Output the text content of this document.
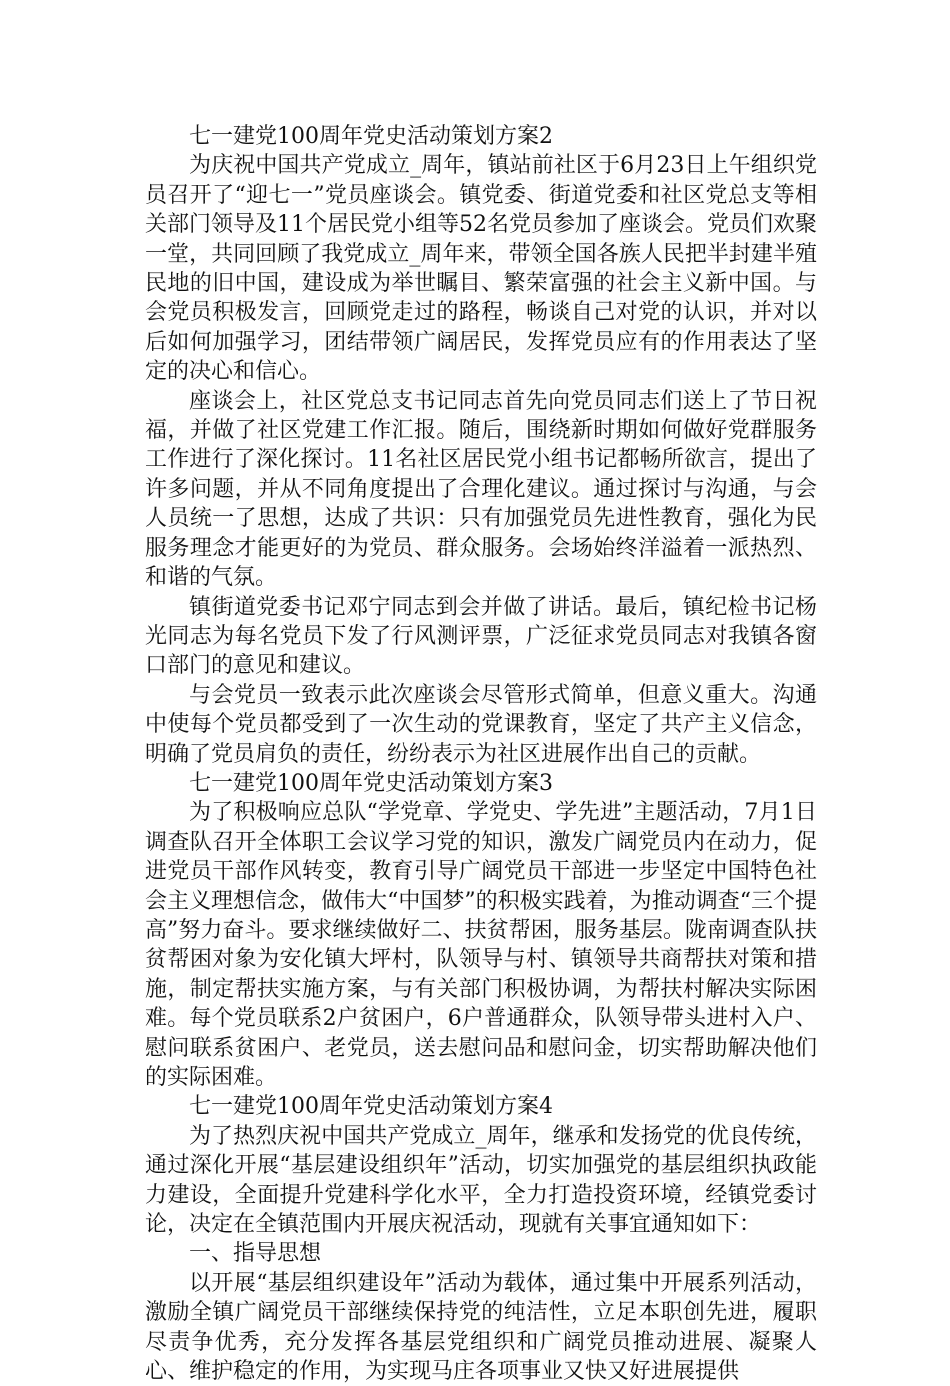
七一建党100周年党史活动策划方案2

为庆祝中国共产党成立_周年，镇站前社区于6月23日上午组织党员召开了“迎七一”党员座谈会。镇党委、街道党委和社区党总支等相关部门领导及11个居民党小组等52名党员参加了座谈会。党员们欢聚一堂，共同回顾了我党成立_周年来，带领全国各族人民把半封建半殖民地的旧中国，建设成为举世瞩目、繁荣富强的社会主义新中国。与会党员积极发言，回顾党走过的路程，畅谈自己对党的认识，并对以后如何加强学习，团结带领广阔居民，发挥党员应有的作用表达了坚定的决心和信心。

座谈会上，社区党总支书记同志首先向党员同志们送上了节日祝福，并做了社区党建工作汇报。随后，围绕新时期如何做好党群服务工作进行了深化探讨。11名社区居民党小组书记都畅所欲言，提出了许多问题，并从不同角度提出了合理化建议。通过探讨与沟通，与会人员统一了思想，达成了共识：只有加强党员先进性教育，强化为民服务理念才能更好的为党员、群众服务。会场始终洋溢着一派热烈、和谐的气氛。

镇街道党委书记邓宁同志到会并做了讲话。最后，镇纪检书记杨光同志为每名党员下发了行风测评票，广泛征求党员同志对我镇各窗口部门的意见和建议。

与会党员一致表示此次座谈会尽管形式简单，但意义重大。沟通中使每个党员都受到了一次生动的党课教育，坚定了共产主义信念，明确了党员肩负的责任，纷纷表示为社区进展作出自己的贡献。

七一建党100周年党史活动策划方案3

为了积极响应总队“学党章、学党史、学先进”主题活动，7月1日调查队召开全体职工会议学习党的知识，激发广阔党员内在动力，促进党员干部作风转变，教育引导广阔党员干部进一步坚定中国特色社会主义理想信念，做伟大“中国梦”的积极实践着，为推动调查“三个提高”努力奋斗。要求继续做好二、扶贫帮困，服务基层。陇南调查队扶贫帮困对象为安化镇大坪村，队领导与村、镇领导共商帮扶对策和措施，制定帮扶实施方案，与有关部门积极协调，为帮扶村解决实际困难。每个党员联系2户贫困户，6户普通群众，队领导带头进村入户、慰问联系贫困户、老党员，送去慰问品和慰问金，切实帮助解决他们的实际困难。

七一建党100周年党史活动策划方案4

为了热烈庆祝中国共产党成立_周年，继承和发扬党的优良传统，通过深化开展“基层建设组织年”活动，切实加强党的基层组织执政能力建设，全面提升党建科学化水平，全力打造投资环境，经镇党委讨论，决定在全镇范围内开展庆祝活动，现就有关事宜通知如下：

一、指导思想

以开展“基层组织建设年”活动为载体，通过集中开展系列活动，激励全镇广阔党员干部继续保持党的纯洁性，立足本职创先进，履职尽责争优秀，充分发挥各基层党组织和广阔党员推动进展、凝聚人心、维护稳定的作用，为实现马庄各项事业又快又好进展提供
